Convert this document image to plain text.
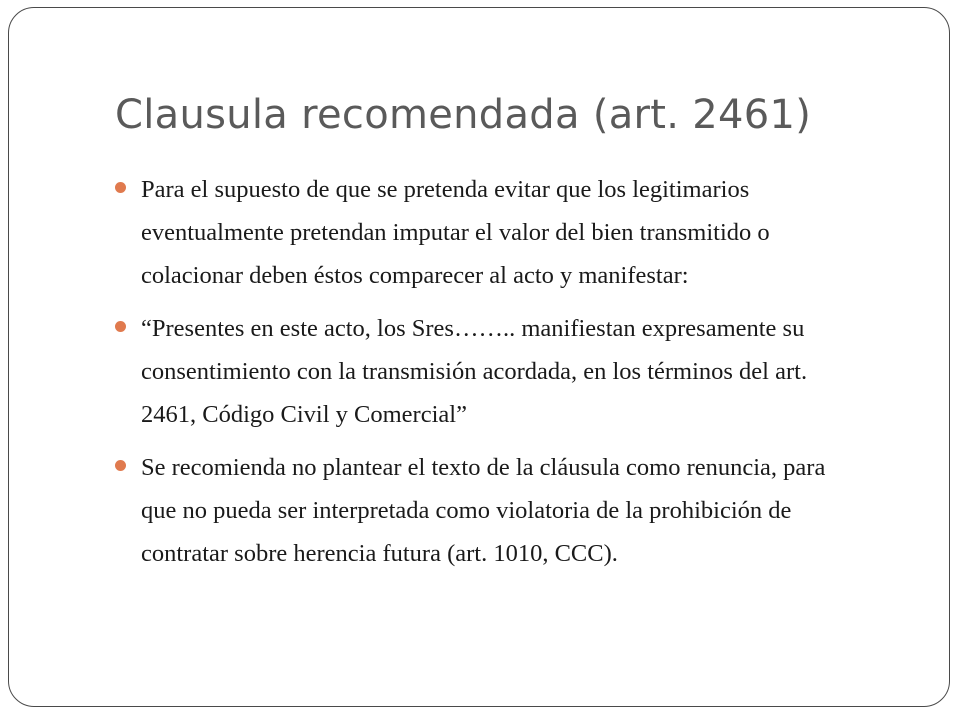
Clausula recomendada (art. 2461)
Para el supuesto de que se pretenda evitar que los legitimarios eventualmente pretendan imputar el valor del bien transmitido o colacionar deben éstos comparecer al acto y manifestar:
“Presentes en este acto, los Sres…….. manifiestan expresamente su consentimiento con la transmisión acordada, en los términos del art. 2461, Código Civil y Comercial”
Se recomienda no plantear el texto de la cláusula como renuncia, para que no pueda ser interpretada como violatoria de la prohibición de contratar sobre herencia futura (art. 1010, CCC).
